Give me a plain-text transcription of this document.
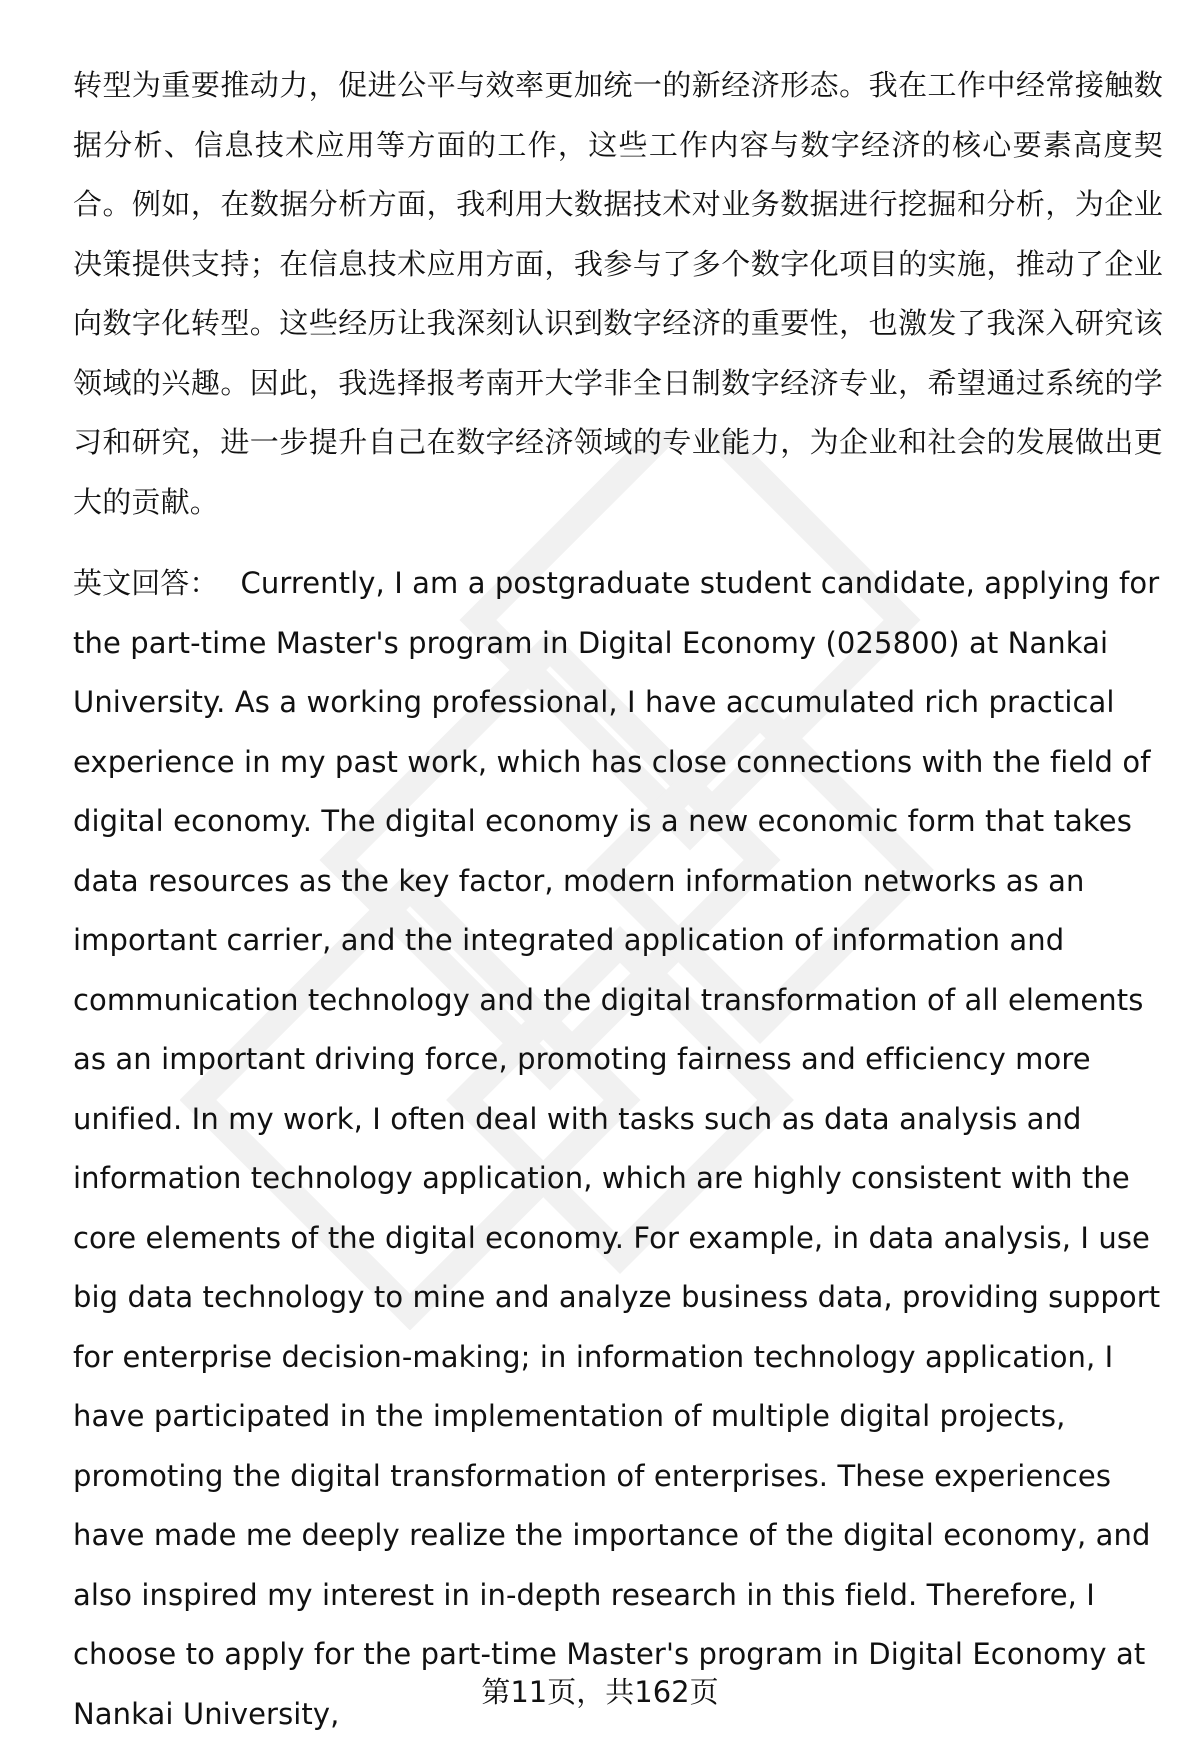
转型为重要推动力，促进公平与效率更加统一的新经济形态。我在工作中经常接触数据分析、信息技术应用等方面的工作，这些工作内容与数字经济的核心要素高度契合。例如，在数据分析方面，我利用大数据技术对业务数据进行挖掘和分析，为企业决策提供支持；在信息技术应用方面，我参与了多个数字化项目的实施，推动了企业向数字化转型。这些经历让我深刻认识到数字经济的重要性，也激发了我深入研究该领域的兴趣。因此，我选择报考南开大学非全日制数字经济专业，希望通过系统的学习和研究，进一步提升自己在数字经济领域的专业能力，为企业和社会的发展做出更大的贡献。

英文回答： Currently, I am a postgraduate student candidate, applying for the part-time Master's program in Digital Economy (025800) at Nankai University. As a working professional, I have accumulated rich practical experience in my past work, which has close connections with the field of digital economy. The digital economy is a new economic form that takes data resources as the key factor, modern information networks as an important carrier, and the integrated application of information and communication technology and the digital transformation of all elements as an important driving force, promoting fairness and efficiency more unified. In my work, I often deal with tasks such as data analysis and information technology application, which are highly consistent with the core elements of the digital economy. For example, in data analysis, I use big data technology to mine and analyze business data, providing support for enterprise decision-making; in information technology application, I have participated in the implementation of multiple digital projects, promoting the digital transformation of enterprises. These experiences have made me deeply realize the importance of the digital economy, and also inspired my interest in in-depth research in this field. Therefore, I choose to apply for the part-time Master's program in Digital Economy at Nankai University,

第11页，共162页
